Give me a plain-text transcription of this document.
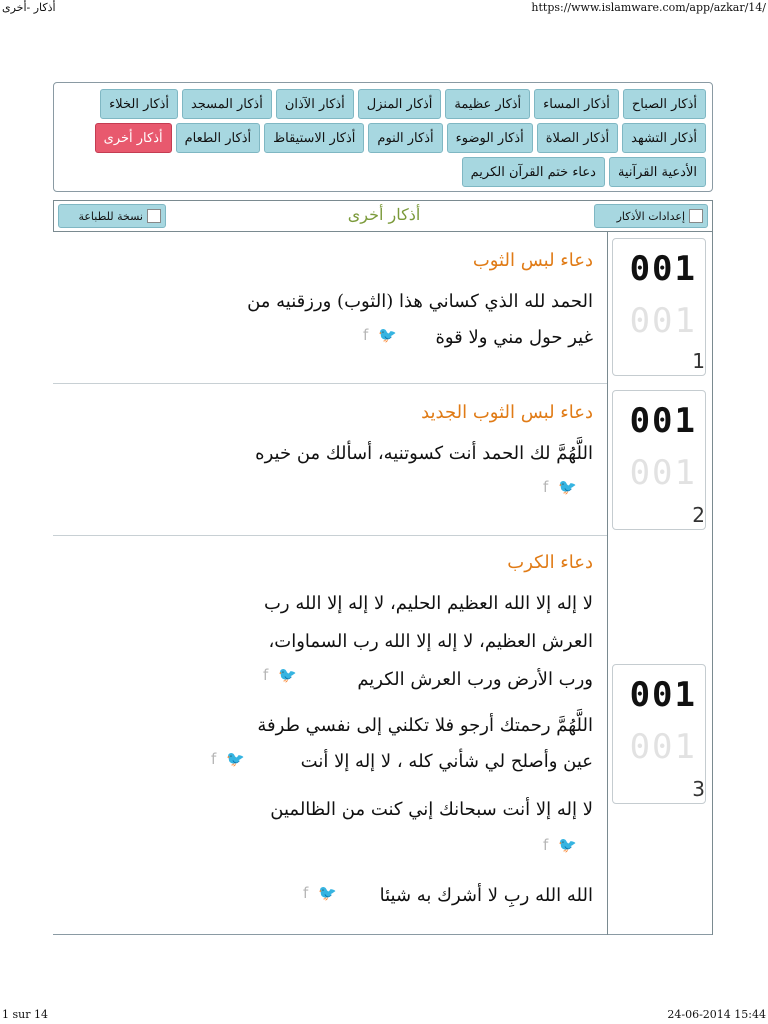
أذكار -أخرى	https://www.islamware.com/app/azkar/14/
أذكار الصباح
أذكار المساء
أذكار عظيمة
أذكار المنزل
أذكار الآذان
أذكار المسجد
أذكار الخلاء
أذكار التشهد
أذكار الصلاة
أذكار الوضوء
أذكار النوم
أذكار الاستيقاظ
أذكار الطعام
أذكار أخرى
الأدعية القرآنية
دعاء ختم القرآن الكريم
إعدادات الأذكار
أذكار أخرى
نسخة للطباعة
001
001
1
001
001
2
001
001
3
دعاء لبس الثوب
الحمد لله الذي كساني هذا (الثوب) ورزقنيه من
غير حول مني ولا قوة
f 🐦
دعاء لبس الثوب الجديد
اللَّهُمَّ لك الحمد أنت كسوتنيه، أسألك من خيره
f 🐦
دعاء الكرب
لا إله إلا الله العظيم الحليم، لا إله إلا الله رب
العرش العظيم، لا إله إلا الله رب السماوات،
ورب الأرض ورب العرش الكريم
f 🐦
اللَّهُمَّ رحمتك أرجو فلا تكلني إلى نفسي طرفة
عين وأصلح لي شأني كله ، لا إله إلا أنت
f 🐦
لا إله إلا أنت سبحانك إني كنت من الظالمين
f 🐦
الله الله ربِ لا أشرك به شيئا
f 🐦
1 sur 14	24-06-2014 15:44
